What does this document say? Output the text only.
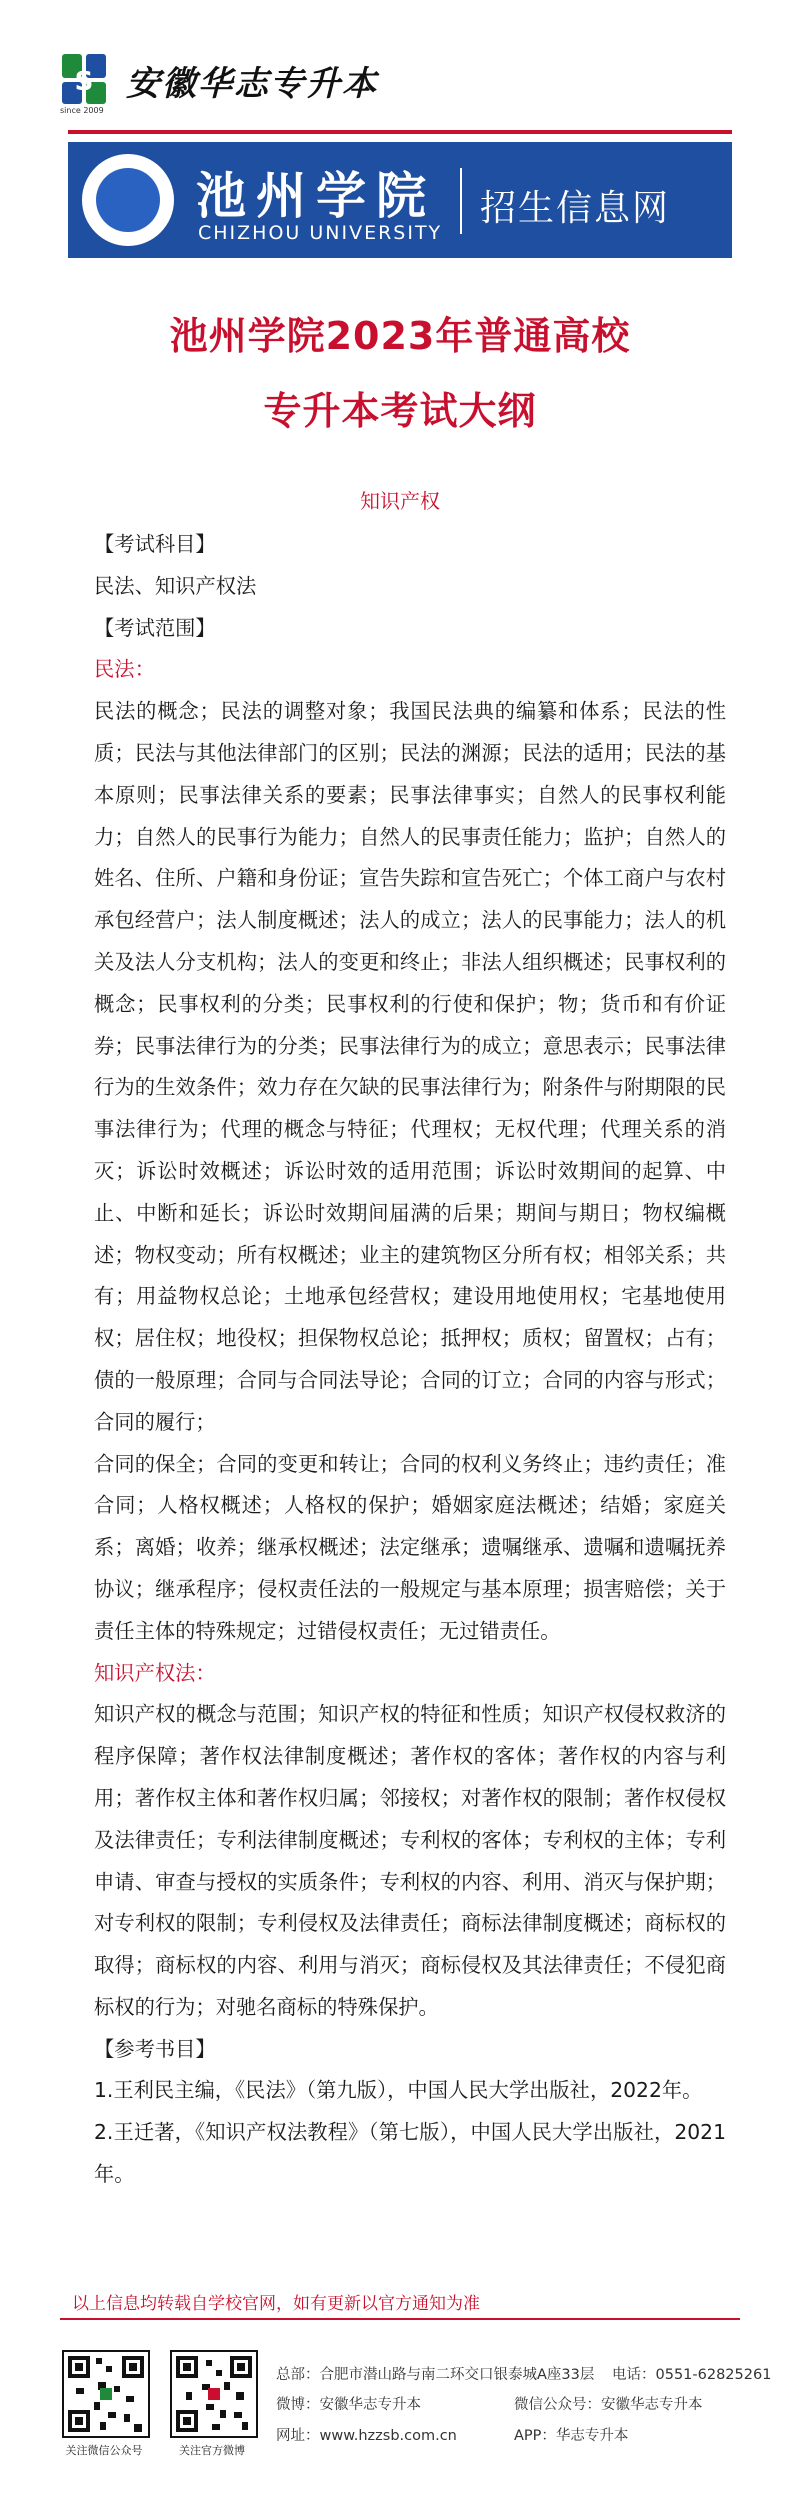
S
since 2009
安徽华志专升本
池州学院
CHIZHOU UNIVERSITY
招生信息网
池州学院2023年普通高校
专升本考试大纲
知识产权

【考试科目】

民法、知识产权法

【考试范围】

民法：

民法的概念；民法的调整对象；我国民法典的编纂和体系；民法的性质；民法与其他法律部门的区别；民法的渊源；民法的适用；民法的基本原则；民事法律关系的要素；民事法律事实；自然人的民事权利能力；自然人的民事行为能力；自然人的民事责任能力；监护；自然人的姓名、住所、户籍和身份证；宣告失踪和宣告死亡；个体工商户与农村承包经营户；法人制度概述；法人的成立；法人的民事能力；法人的机关及法人分支机构；法人的变更和终止；非法人组织概述；民事权利的概念；民事权利的分类；民事权利的行使和保护；物；货币和有价证券；民事法律行为的分类；民事法律行为的成立；意思表示；民事法律行为的生效条件；效力存在欠缺的民事法律行为；附条件与附期限的民事法律行为；代理的概念与特征；代理权；无权代理；代理关系的消灭；诉讼时效概述；诉讼时效的适用范围；诉讼时效期间的起算、中止、中断和延长；诉讼时效期间届满的后果；期间与期日；物权编概述；物权变动；所有权概述；业主的建筑物区分所有权；相邻关系；共有；用益物权总论；土地承包经营权；建设用地使用权；宅基地使用权；居住权；地役权；担保物权总论；抵押权；质权；留置权；占有；债的一般原理；合同与合同法导论；合同的订立；合同的内容与形式；合同的履行；

合同的保全；合同的变更和转让；合同的权利义务终止；违约责任；准合同；人格权概述；人格权的保护；婚姻家庭法概述；结婚；家庭关系；离婚；收养；继承权概述；法定继承；遗嘱继承、遗嘱和遗嘱抚养协议；继承程序；侵权责任法的一般规定与基本原理；损害赔偿；关于责任主体的特殊规定；过错侵权责任；无过错责任。

知识产权法：

知识产权的概念与范围；知识产权的特征和性质；知识产权侵权救济的程序保障；著作权法律制度概述；著作权的客体；著作权的内容与利用；著作权主体和著作权归属；邻接权；对著作权的限制；著作权侵权及法律责任；专利法律制度概述；专利权的客体；专利权的主体；专利申请、审查与授权的实质条件；专利权的内容、利用、消灭与保护期；对专利权的限制；专利侵权及法律责任；商标法律制度概述；商标权的取得；商标权的内容、利用与消灭；商标侵权及其法律责任；不侵犯商标权的行为；对驰名商标的特殊保护。

【参考书目】

1.王利民主编，《民法》（第九版），中国人民大学出版社，2022年。

2.王迁著，《知识产权法教程》（第七版），中国人民大学出版社，2021年。

以上信息均转载自学校官网，如有更新以官方通知为准
关注微信公众号	关注官方微博
总部：合肥市潜山路与南二环交口银泰城A座33层 电话：0551-62825261
微博：安徽华志专升本	微信公众号：安徽华志专升本
网址：www.hzzsb.com.cn	APP：华志专升本
